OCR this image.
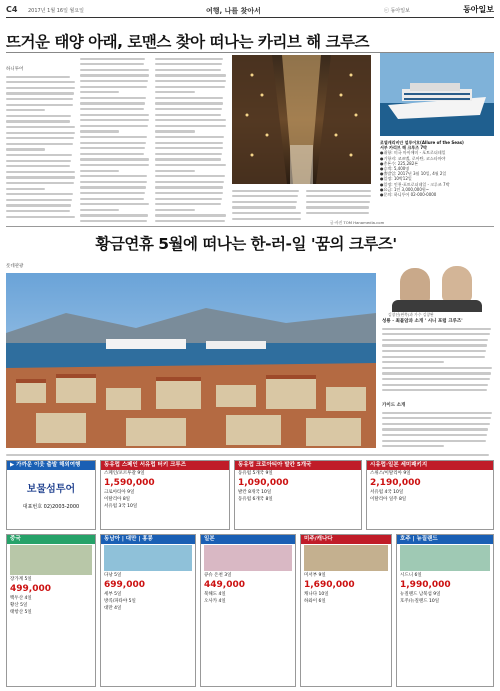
C4 2017년 1월 16일 월요일	여행, 나를 찾아서	ⓒ 동아일보	동아일보
뜨거운 태양 아래, 로맨스 찾아 떠나는 카리브 해 크루즈
하니투어
글·사진 TOM Hanamedia.com
로열캐리비안 얼루어호(Allure of the Seas)
서부 카리브 해 크루즈 7박
●취항: 미국 마이애미 - 포트로더데일
●기항지: 코즈멜, 로아탄, 코스타마야
●총톤수: 225,282톤
●승객: 5,400명
●출발일: 2017년 3월 10일, 4월 2일
●일정: 10박12일
●일정: 인천-포트로더데일 - 크루즈 7박
●요금: 1인 3,000,000원~
●문의: 하니투어 02-000-0000
황금연휴 5월에 떠나는 한-러-일 '꿈의 크루즈'
롯데관광
김창선(왼쪽)과 가수 김창완
성룡 · 최불암과 소개 ' 시니 포럼 크루즈'
가이드 소개
▶ 가까운 이웃 출발 해외여행
보물섬투어
대표번호 02)2003-2000
동유럽 스페인 서유럽 터키 크루즈
스페인/포르투갈 9일
1,590,000
크로아티아 9일
이탈리아 8일
서유럽 3국 10일
동유럽 크로아티아 발칸 5개국
동유럽 5개국 9일
1,090,000
발칸 8개국 10일
동유럽 6개국 8일
시유럽·일본 세미패키지
스위스/이탈리아 9일
2,190,000
서유럽 4국 10일
이탈리아 일주 8일
중국
장가계 5일
499,000
백두산 4일
황산 5일
태항산 5일
동남아 | 대만 | 홍콩
다낭 5일
699,000
세부 5일
방콕/파타야 5일
대만 4일
일본
큐슈 온천 3일
449,000
북해도 4일
오사카 4일
미주/캐나다
미서부 9일
1,690,000
캐나다 10일
하와이 6일
호주 | 뉴질랜드
시드니 6일
1,990,000
뉴질랜드 남북섬 9일
호주/뉴질랜드 10일
